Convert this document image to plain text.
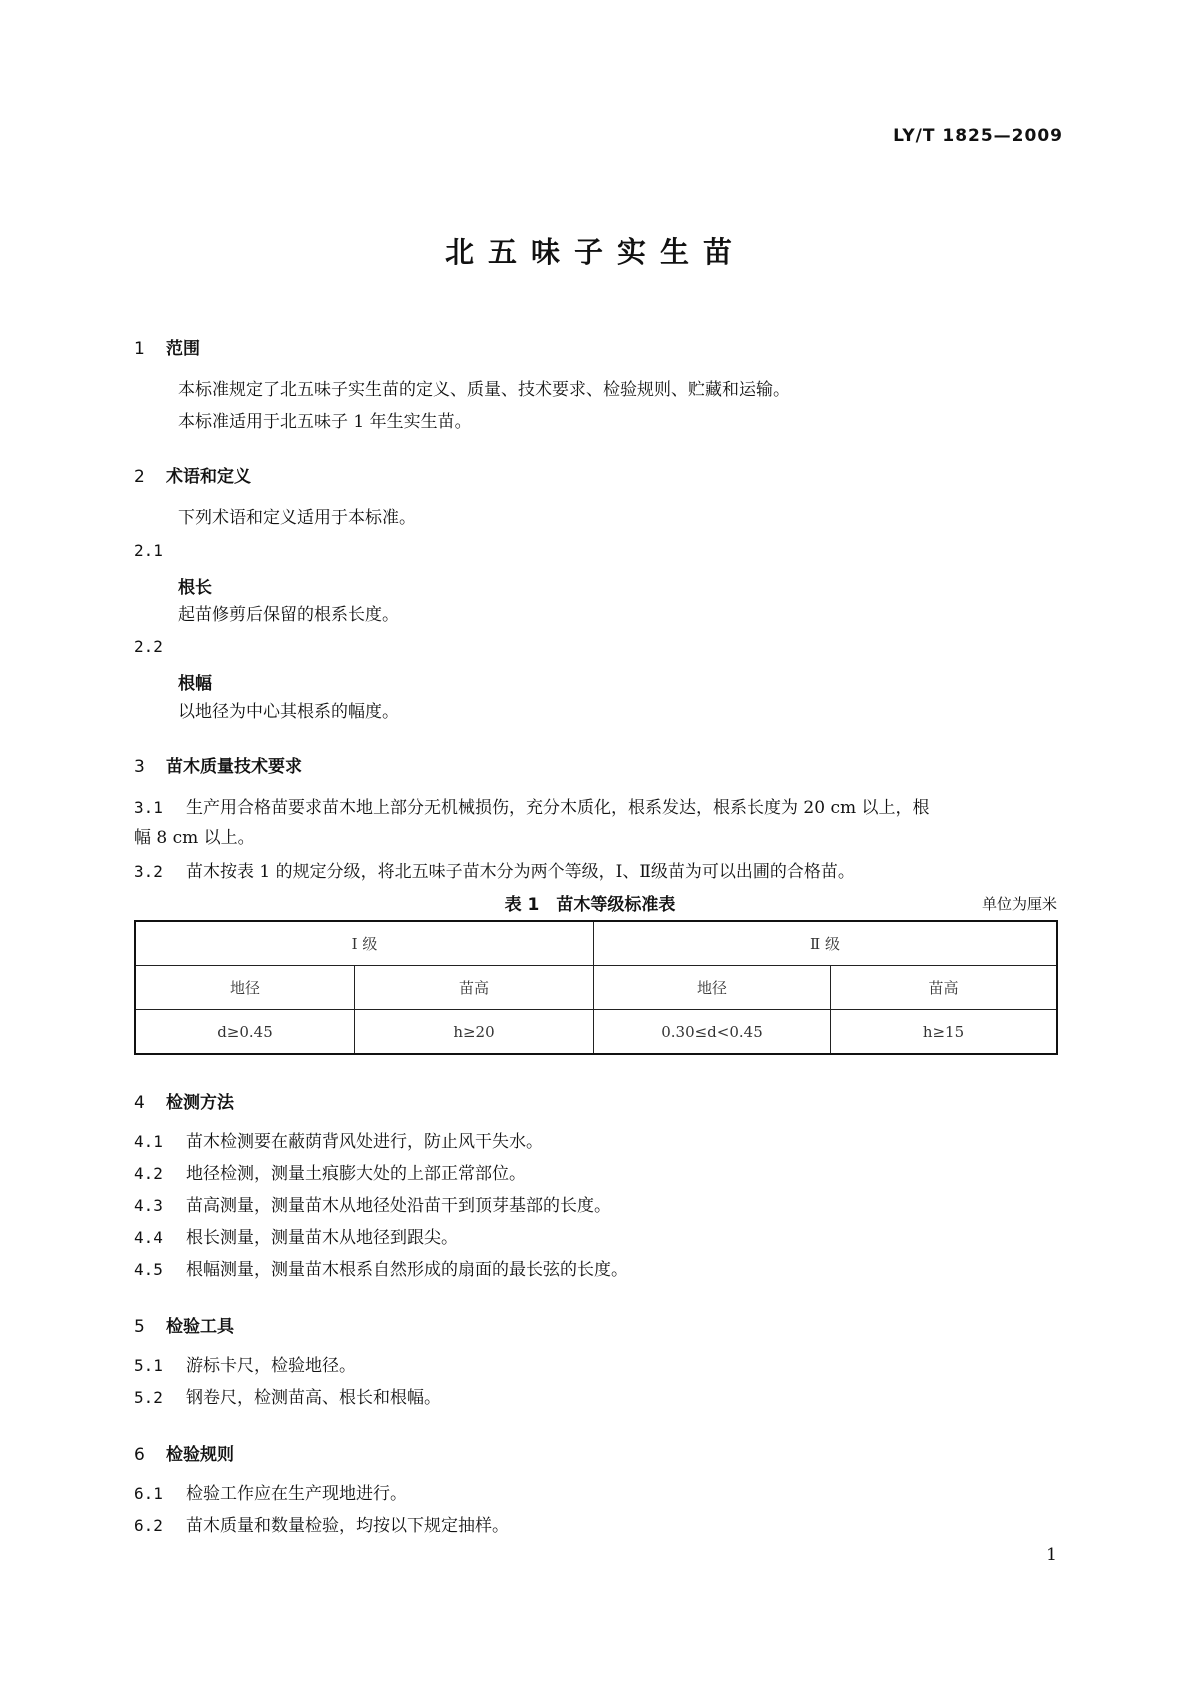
LY/T 1825—2009
北五味子实生苗
1 范围
本标准规定了北五味子实生苗的定义、质量、技术要求、检验规则、贮藏和运输。
本标准适用于北五味子 1 年生实生苗。
2 术语和定义
下列术语和定义适用于本标准。
2.1
根长
起苗修剪后保留的根系长度。
2.2
根幅
以地径为中心其根系的幅度。
3 苗木质量技术要求
3.1 生产用合格苗要求苗木地上部分无机械损伤，充分木质化，根系发达，根系长度为 20 cm 以上，根
幅 8 cm 以上。
3.2 苗木按表 1 的规定分级，将北五味子苗木分为两个等级，Ⅰ、Ⅱ级苗为可以出圃的合格苗。
表 1　苗木等级标准表	单位为厘米
Ⅰ 级		Ⅱ 级	
地径	苗高	地径	苗高
d≥0.45	h≥20	0.30≤d<0.45	h≥15
4 检测方法
4.1 苗木检测要在蔽荫背风处进行，防止风干失水。
4.2 地径检测，测量土痕膨大处的上部正常部位。
4.3 苗高测量，测量苗木从地径处沿苗干到顶芽基部的长度。
4.4 根长测量，测量苗木从地径到跟尖。
4.5 根幅测量，测量苗木根系自然形成的扇面的最长弦的长度。
5 检验工具
5.1 游标卡尺，检验地径。
5.2 钢卷尺，检测苗高、根长和根幅。
6 检验规则
6.1 检验工作应在生产现地进行。
6.2 苗木质量和数量检验，均按以下规定抽样。
1
